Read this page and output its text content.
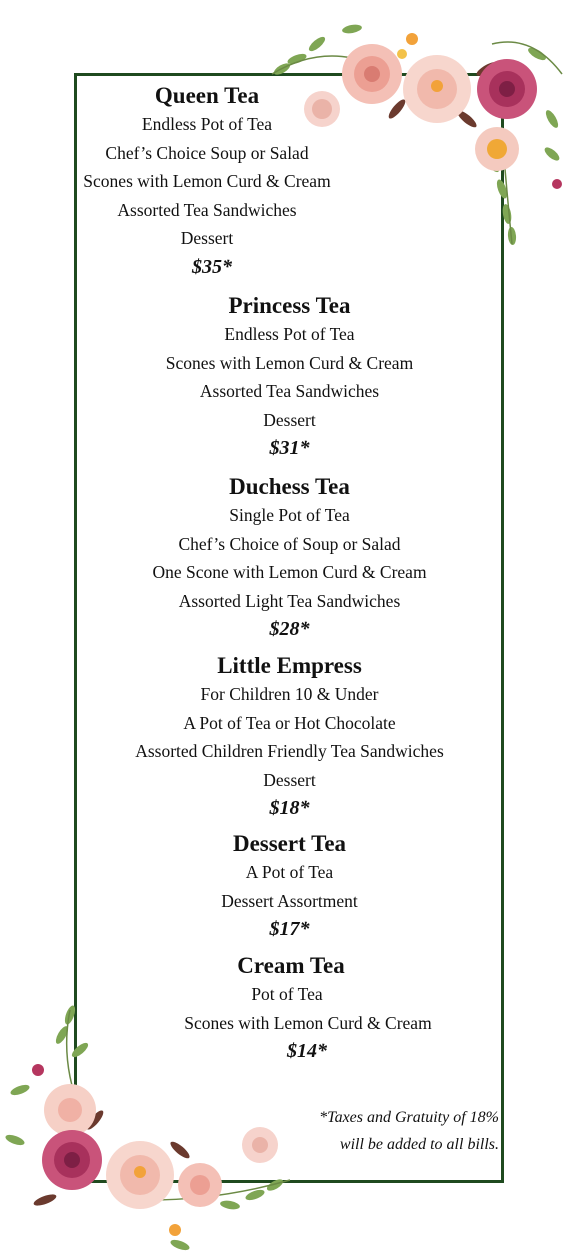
Queen Tea
Endless Pot of Tea
Chef’s Choice Soup or Salad
Scones with Lemon Curd & Cream
Assorted Tea Sandwiches
Dessert
$35*
Princess Tea
Endless Pot of Tea
Scones with Lemon Curd & Cream
Assorted Tea Sandwiches
Dessert
$31*
Duchess Tea
Single Pot of Tea
Chef’s Choice of Soup or Salad
One Scone with Lemon Curd & Cream
Assorted Light Tea Sandwiches
$28*
Little Empress
For Children 10 & Under
A Pot of Tea or Hot Chocolate
Assorted Children Friendly Tea Sandwiches
Dessert
$18*
Dessert Tea
A Pot of Tea
Dessert Assortment
$17*
Cream Tea
Pot of Tea
Scones with Lemon Curd & Cream
$14*
*Taxes and Gratuity of 18%
will be added to all bills.
